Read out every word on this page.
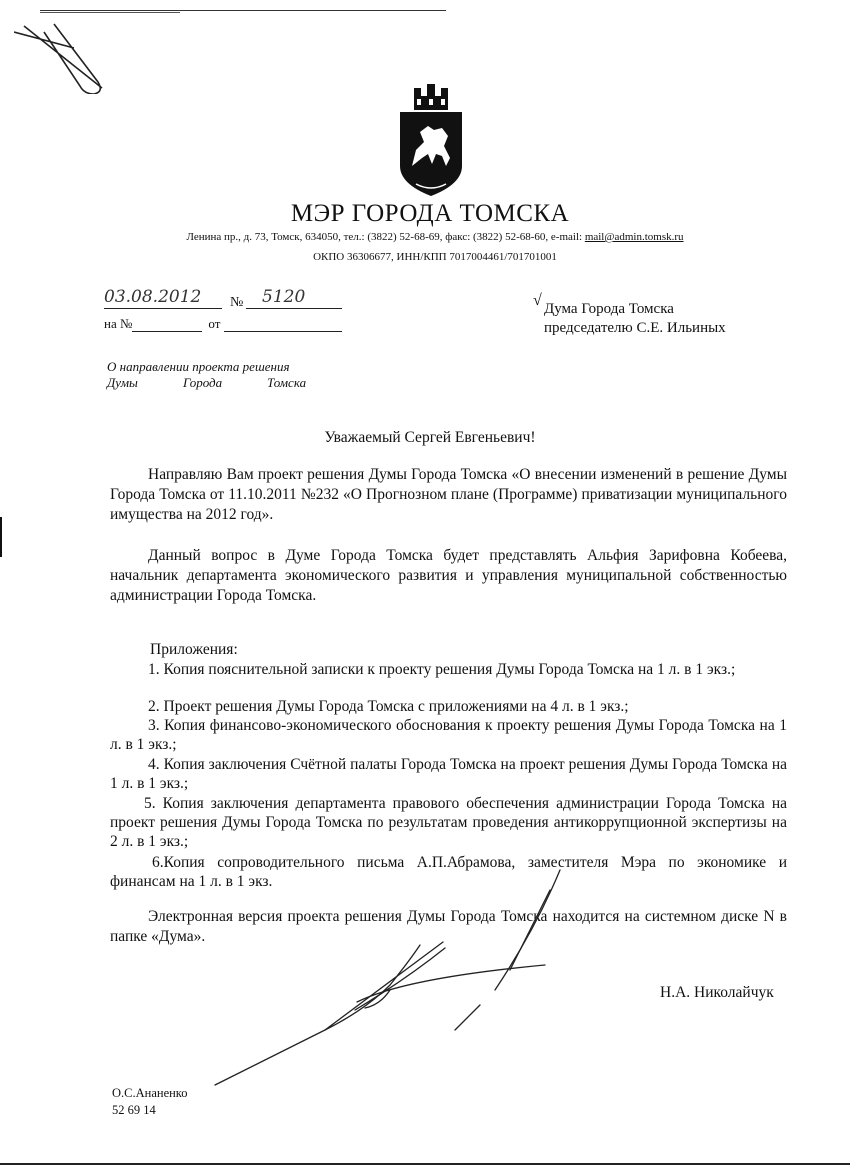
МЭР ГОРОДА ТОМСКА
Ленина пр., д. 73, Томск, 634050, тел.: (3822) 52-68-69, факс: (3822) 52-68-60, e-mail: mail@admin.tomsk.ru
ОКПО 36306677, ИНН/КПП 7017004461/701701001
03.08.2012 № 5120
на №	от
√ Дума Города Томска
председателю С.Е. Ильиных
О направлении проекта решения
Думы	Города	Томска
Уважаемый Сергей Евгеньевич!
Направляю Вам проект решения Думы Города Томска «О внесении изменений в решение Думы Города Томска от 11.10.2011 №232 «О Прогнозном плане (Программе) приватизации муниципального имущества на 2012 год».
Данный вопрос в Думе Города Томска будет представлять Альфия Зарифовна Кобеева, начальник департамента экономического развития и управления муниципальной собственностью администрации Города Томска.
Приложения:
1. Копия пояснительной записки к проекту решения Думы Города Томска на 1 л. в 1 экз.;
2. Проект решения Думы Города Томска с приложениями на 4 л. в 1 экз.;
3. Копия финансово-экономического обоснования к проекту решения Думы Города Томска на 1 л. в 1 экз.;
4. Копия заключения Счётной палаты Города Томска на проект решения Думы Города Томска на 1 л. в 1 экз.;
5. Копия заключения департамента правового обеспечения администрации Города Томска на проект решения Думы Города Томска по результатам проведения антикоррупционной экспертизы на 2 л. в 1 экз.;
6.Копия сопроводительного письма А.П.Абрамова, заместителя Мэра по экономике и финансам на 1 л. в 1 экз.
Электронная версия проекта решения Думы Города Томска находится на системном диске N в папке «Дума».
Н.А. Николайчук
О.С.Ананенко
52 69 14
